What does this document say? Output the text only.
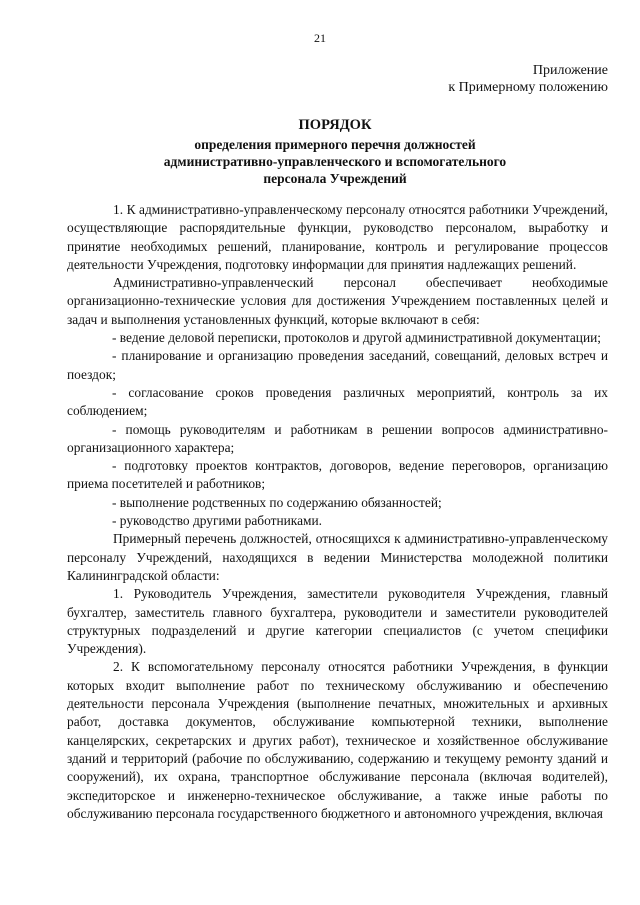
21
Приложение
к Примерному положению
ПОРЯДОК
определения примерного перечня должностей
административно-управленческого и вспомогательного
персонала Учреждений

1. К административно-управленческому персоналу относятся работники Учреждений, осуществляющие распорядительные функции, руководство персоналом, выработку и принятие необходимых решений, планирование, контроль и регулирование процессов деятельности Учреждения, подготовку информации для принятия надлежащих решений.

Административно-управленческий персонал обеспечивает необходимые организационно-технические условия для достижения Учреждением поставленных целей и задач и выполнения установленных функций, которые включают в себя:

- ведение деловой переписки, протоколов и другой административной документации;

- планирование и организацию проведения заседаний, совещаний, деловых встреч и поездок;

- согласование сроков проведения различных мероприятий, контроль за их соблюдением;

- помощь руководителям и работникам в решении вопросов административно-организационного характера;

- подготовку проектов контрактов, договоров, ведение переговоров, организацию приема посетителей и работников;

- выполнение родственных по содержанию обязанностей;

- руководство другими работниками.

Примерный перечень должностей, относящихся к административно-управленческому персоналу Учреждений, находящихся в ведении Министерства молодежной политики Калининградской области:

1. Руководитель Учреждения, заместители руководителя Учреждения, главный бухгалтер, заместитель главного бухгалтера, руководители и заместители руководителей структурных подразделений и другие категории специалистов (с учетом специфики Учреждения).

2. К вспомогательному персоналу относятся работники Учреждения, в функции которых входит выполнение работ по техническому обслуживанию и обеспечению деятельности персонала Учреждения (выполнение печатных, множительных и архивных работ, доставка документов, обслуживание компьютерной техники, выполнение канцелярских, секретарских и других работ), техническое и хозяйственное обслуживание зданий и территорий (рабочие по обслуживанию, содержанию и текущему ремонту зданий и сооружений), их охрана, транспортное обслуживание персонала (включая водителей), экспедиторское и инженерно-техническое обслуживание, а также иные работы по обслуживанию персонала государственного бюджетного и автономного учреждения, включая
